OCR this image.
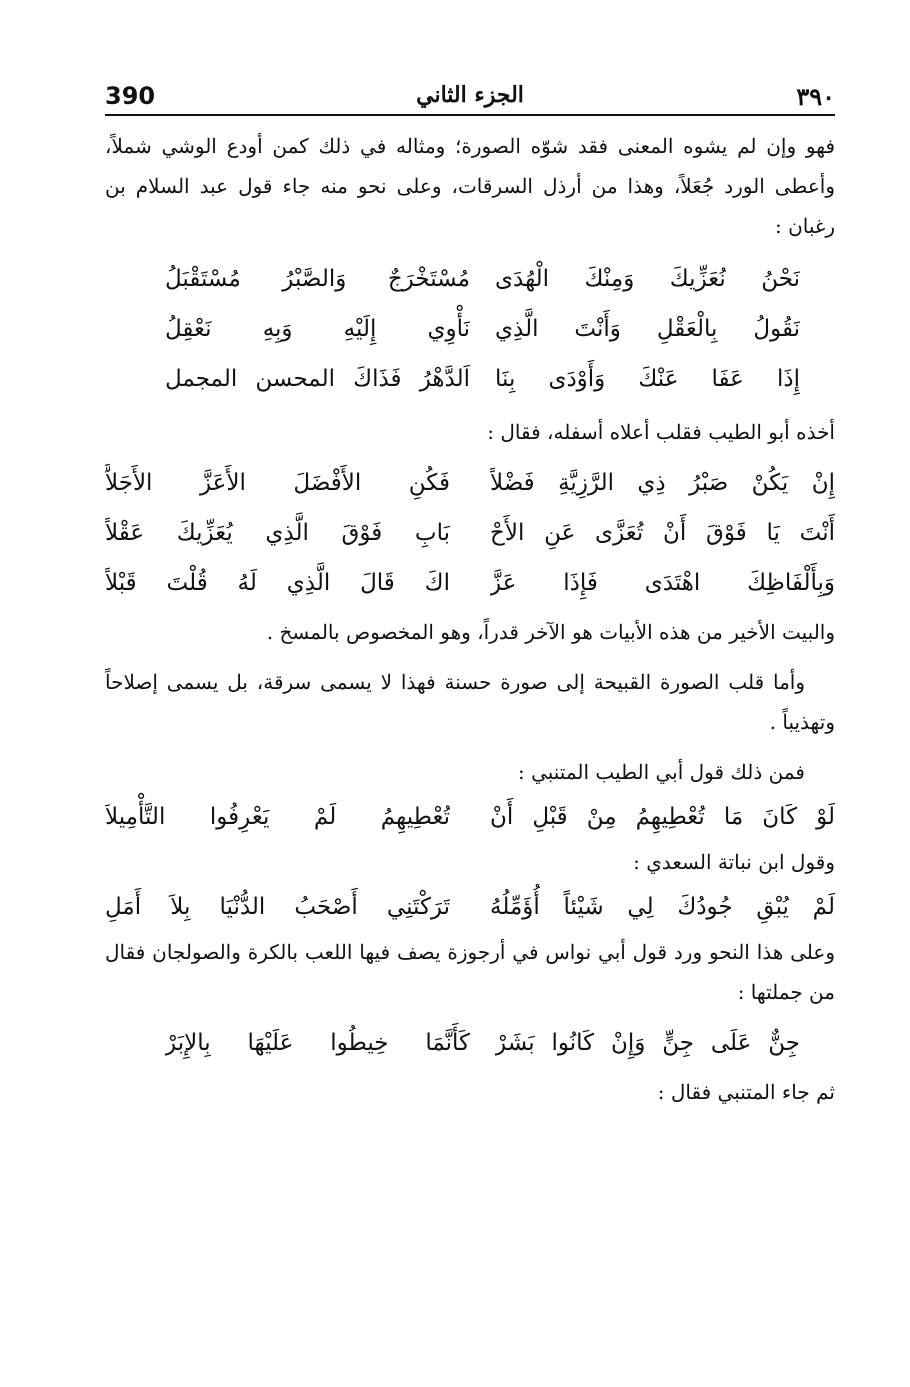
٣٩٠
الجزء الثاني
390

فهو وإن لم يشوه المعنى فقد شوّه الصورة؛ ومثاله في ذلك كمن أودع الوشي شملاً، وأعطى الورد جُعَلاً، وهذا من أرذل السرقات، وعلى نحو منه جاء قول عبد السلام بن رغبان :

نَحْنُ نُعَزِّيكَ وَمِنْكَ الْهُدَى
مُسْتَخْرَجٌ وَالصَّبْرُ مُسْتَقْبَلُ
نَقُولُ بِالْعَقْلِ وَأَنْتَ الَّذِي
نَأْوِي إِلَيْهِ وَبِهِ نَعْقِلُ
إِذَا عَفَا عَنْكَ وَأَوْدَى بِنَا
اَلدَّهْرُ فَذَاكَ المحسن المجمل

أخذه أبو الطيب فقلب أعلاه أسفله، فقال :

إِنْ يَكُنْ صَبْرُ ذِي الرَّزِيَّةِ فَضْلاً
فَكُنِ الأَفْضَلَ الأَعَزَّ الأَجَلاَّ
أَنْتَ يَا فَوْقَ أَنْ تُعَزَّى عَنِ الأَحْ
بَابِ فَوْقَ الَّذِي يُعَزِّيكَ عَقْلاً
وَبِأَلْفَاظِكَ اهْتَدَى فَإِذَا عَزَّ
اكَ قَالَ الَّذِي لَهُ قُلْتَ قَبْلاً

والبيت الأخير من هذه الأبيات هو الآخر قدراً، وهو المخصوص بالمسخ .

وأما قلب الصورة القبيحة إلى صورة حسنة فهذا لا يسمى سرقة، بل يسمى إصلاحاً وتهذيباً .

فمن ذلك قول أبي الطيب المتنبي :

لَوْ كَانَ مَا تُعْطِيهِمُ مِنْ قَبْلِ أَنْ
تُعْطِيهِمُ لَمْ يَعْرِفُوا التَّأْمِيلاَ

وقول ابن نباتة السعدي :

لَمْ يُبْقِ جُودُكَ لِي شَيْئاً أُؤَمِّلُهُ
تَرَكْتَنِي أَصْحَبُ الدُّنْيَا بِلاَ أَمَلِ

وعلى هذا النحو ورد قول أبي نواس في أرجوزة يصف فيها اللعب بالكرة والصولجان فقال من جملتها :

جِنٌّ عَلَى جِنٍّ وَإِنْ كَانُوا بَشَرْ
كَأَنَّمَا خِيطُوا عَلَيْهَا بِالإِبَرْ

ثم جاء المتنبي فقال :
